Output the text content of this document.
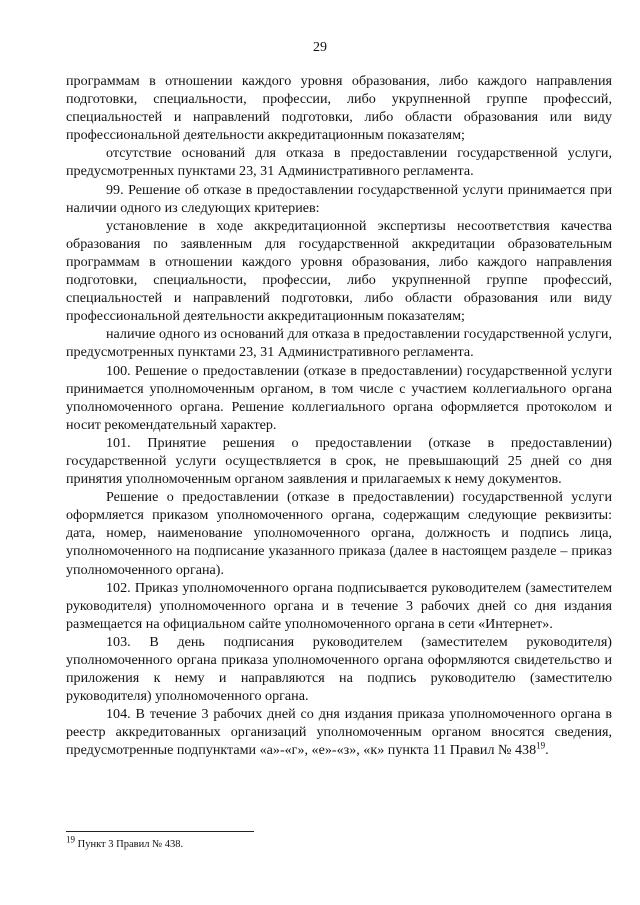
29

программам в отношении каждого уровня образования, либо каждого направления подготовки, специальности, профессии, либо укрупненной группе профессий, специальностей и направлений подготовки, либо области образования или виду профессиональной деятельности аккредитационным показателям;

отсутствие оснований для отказа в предоставлении государственной услуги, предусмотренных пунктами 23, 31 Административного регламента.

99. Решение об отказе в предоставлении государственной услуги принимается при наличии одного из следующих критериев:

установление в ходе аккредитационной экспертизы несоответствия качества образования по заявленным для государственной аккредитации образовательным программам в отношении каждого уровня образования, либо каждого направления подготовки, специальности, профессии, либо укрупненной группе профессий, специальностей и направлений подготовки, либо области образования или виду профессиональной деятельности аккредитационным показателям;

наличие одного из оснований для отказа в предоставлении государственной услуги, предусмотренных пунктами 23, 31 Административного регламента.

100. Решение о предоставлении (отказе в предоставлении) государственной услуги принимается уполномоченным органом, в том числе с участием коллегиального органа уполномоченного органа. Решение коллегиального органа оформляется протоколом и носит рекомендательный характер.

101. Принятие решения о предоставлении (отказе в предоставлении) государственной услуги осуществляется в срок, не превышающий 25 дней со дня принятия уполномоченным органом заявления и прилагаемых к нему документов.

Решение о предоставлении (отказе в предоставлении) государственной услуги оформляется приказом уполномоченного органа, содержащим следующие реквизиты: дата, номер, наименование уполномоченного органа, должность и подпись лица, уполномоченного на подписание указанного приказа (далее в настоящем разделе – приказ уполномоченного органа).

102. Приказ уполномоченного органа подписывается руководителем (заместителем руководителя) уполномоченного органа и в течение 3 рабочих дней со дня издания размещается на официальном сайте уполномоченного органа в сети «Интернет».

103. В день подписания руководителем (заместителем руководителя) уполномоченного органа приказа уполномоченного органа оформляются свидетельство и приложения к нему и направляются на подпись руководителю (заместителю руководителя) уполномоченного органа.

104. В течение 3 рабочих дней со дня издания приказа уполномоченного органа в реестр аккредитованных организаций уполномоченным органом вносятся сведения, предусмотренные подпунктами «а»-«г», «е»-«з», «к» пункта 11 Правил № $438^{19}$.

$^{19}$ Пункт 3 Правил № 438.
